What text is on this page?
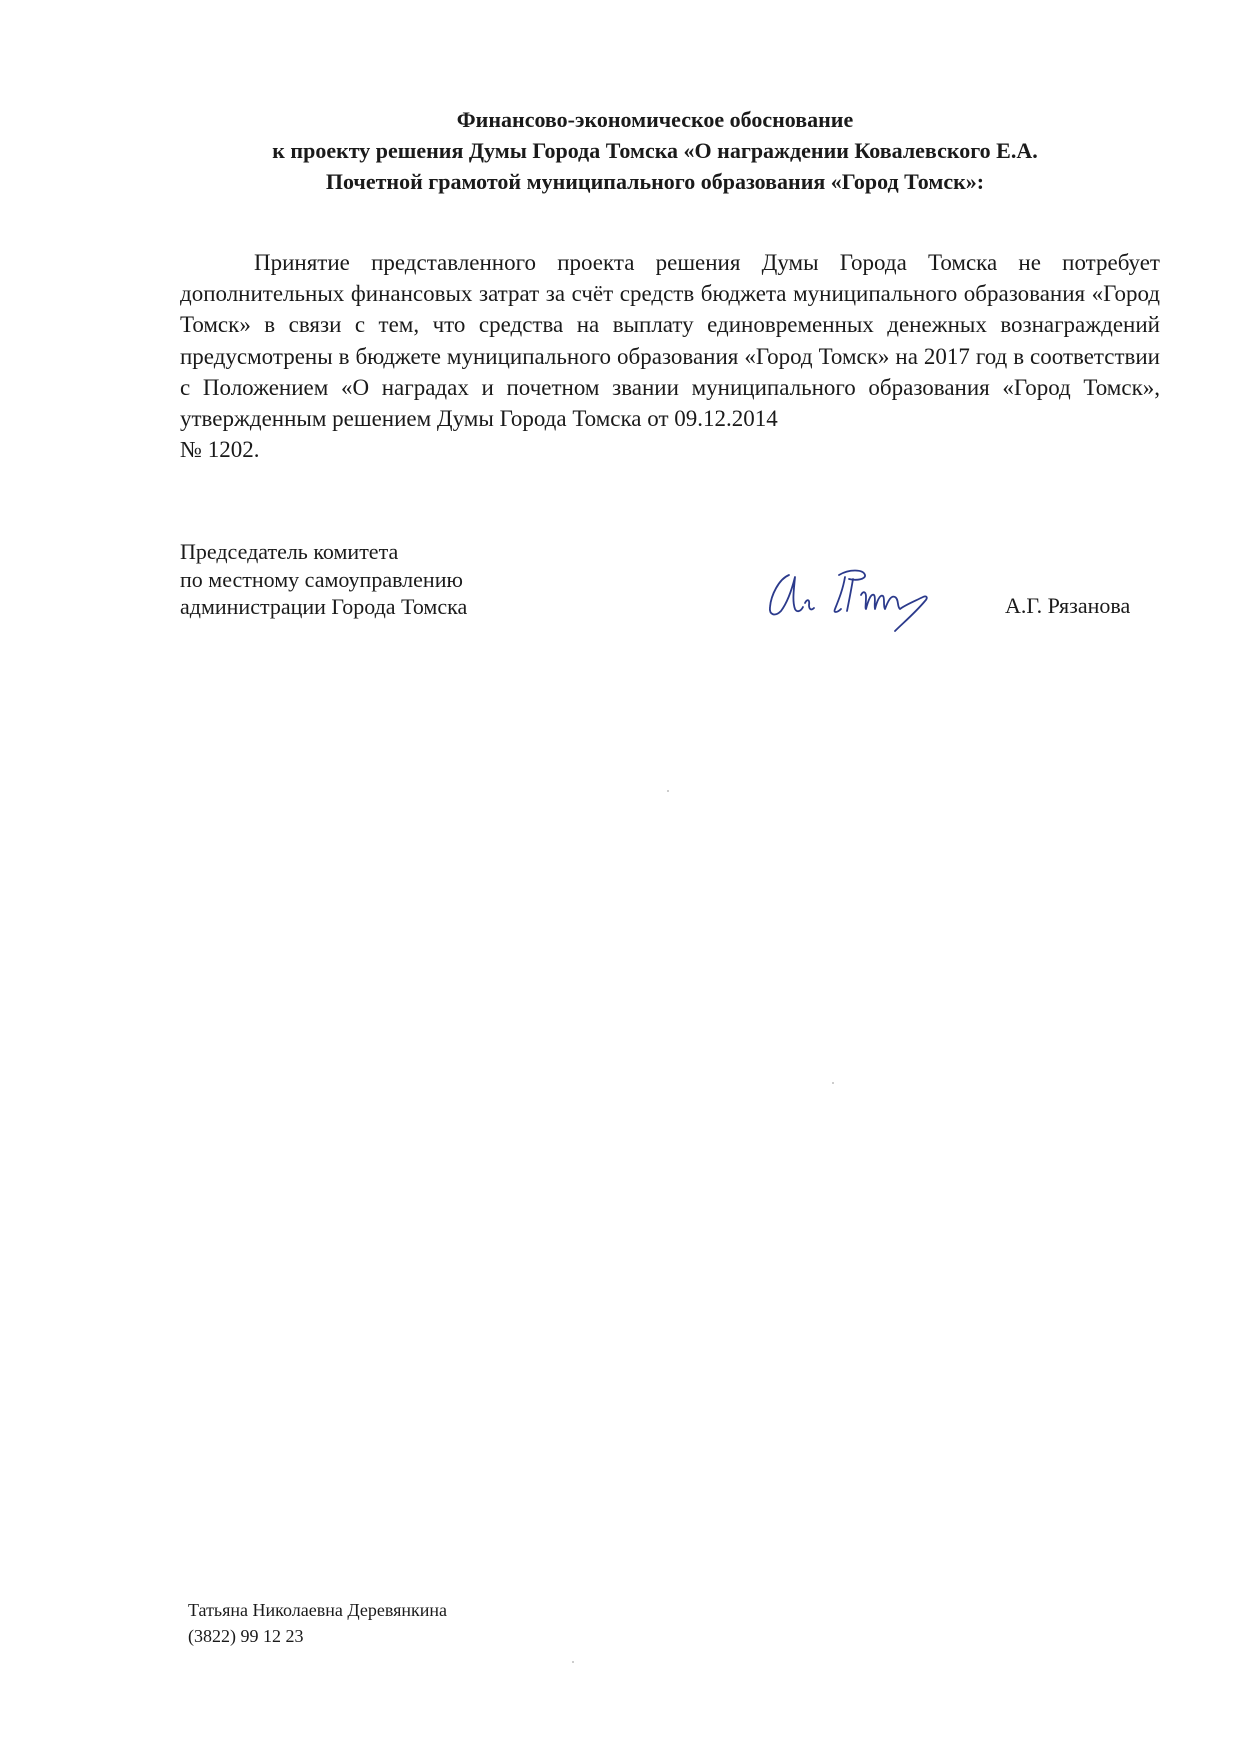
Финансово-экономическое обоснование
к проекту решения Думы Города Томска «О награждении Ковалевского Е.А.
Почетной грамотой муниципального образования «Город Томск»:
Принятие представленного проекта решения Думы Города Томска не потребует дополнительных финансовых затрат за счёт средств бюджета муниципального образования «Город Томск» в связи с тем, что средства на выплату единовременных денежных вознаграждений предусмотрены в бюджете муниципального образования «Город Томск» на 2017 год в соответствии с Положением «О наградах и почетном звании муниципального образования «Город Томск», утвержденным решением Думы Города Томска от 09.12.2014
№ 1202.
Председатель комитета
по местному самоуправлению
администрации Города Томска	А.Г. Рязанова
Татьяна Николаевна Деревянкина
(3822) 99 12 23
